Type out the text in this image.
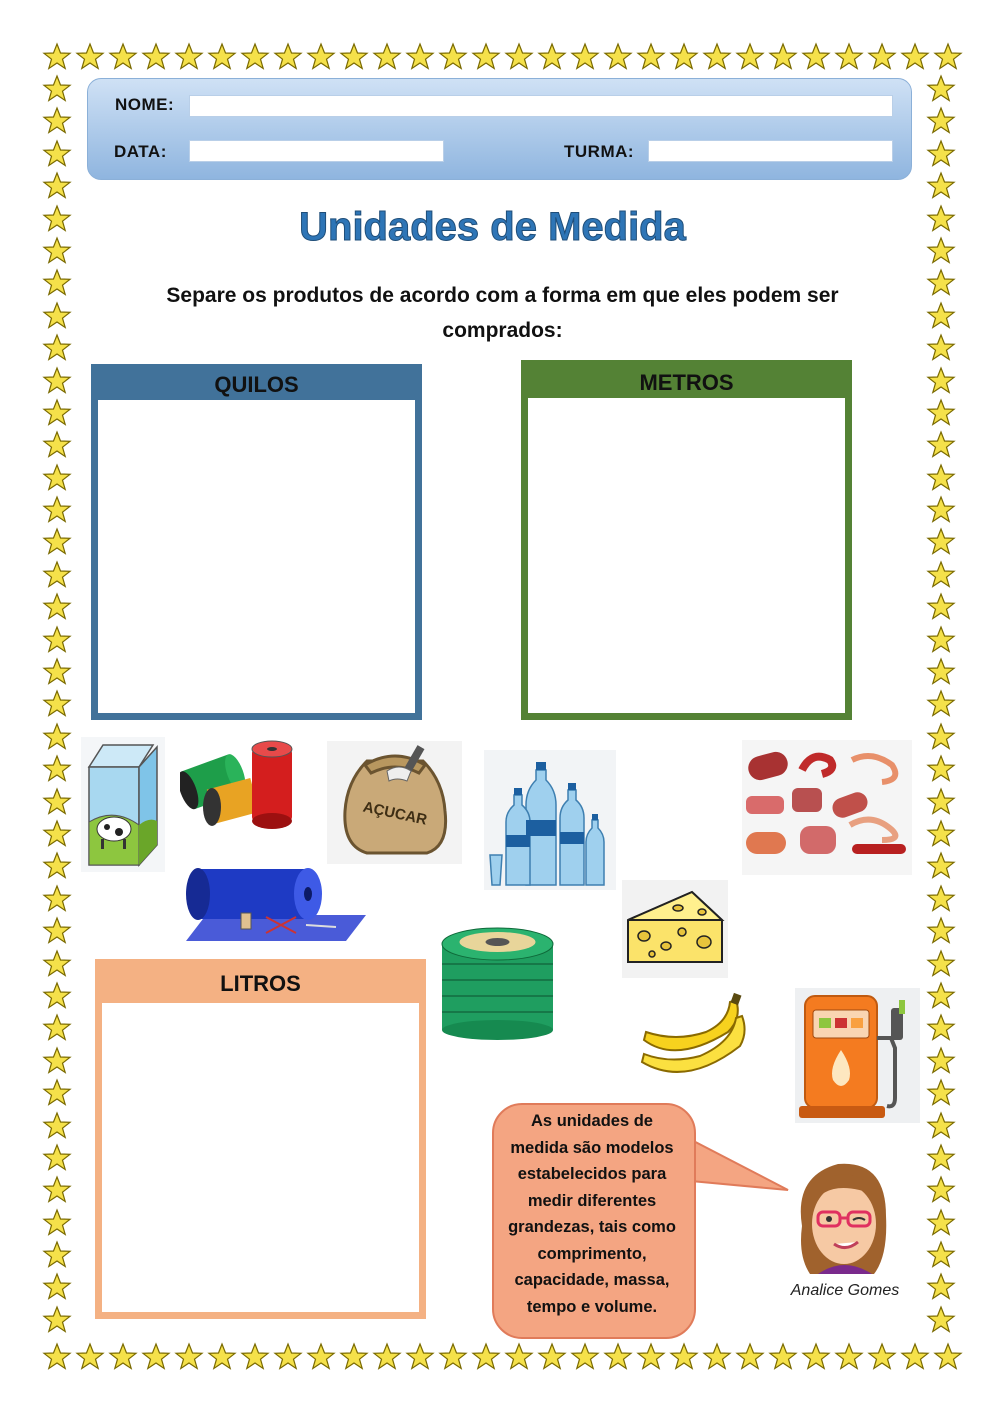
NOME:
DATA:	TURMA:
Unidades de Medida
Separe os produtos de acordo com a forma em que eles podem ser comprados:
QUILOS	METROS
LITROS
AÇUCAR
As unidades de medida são modelos estabelecidos para medir diferentes grandezas, tais como comprimento, capacidade, massa, tempo e volume.
Analice Gomes
